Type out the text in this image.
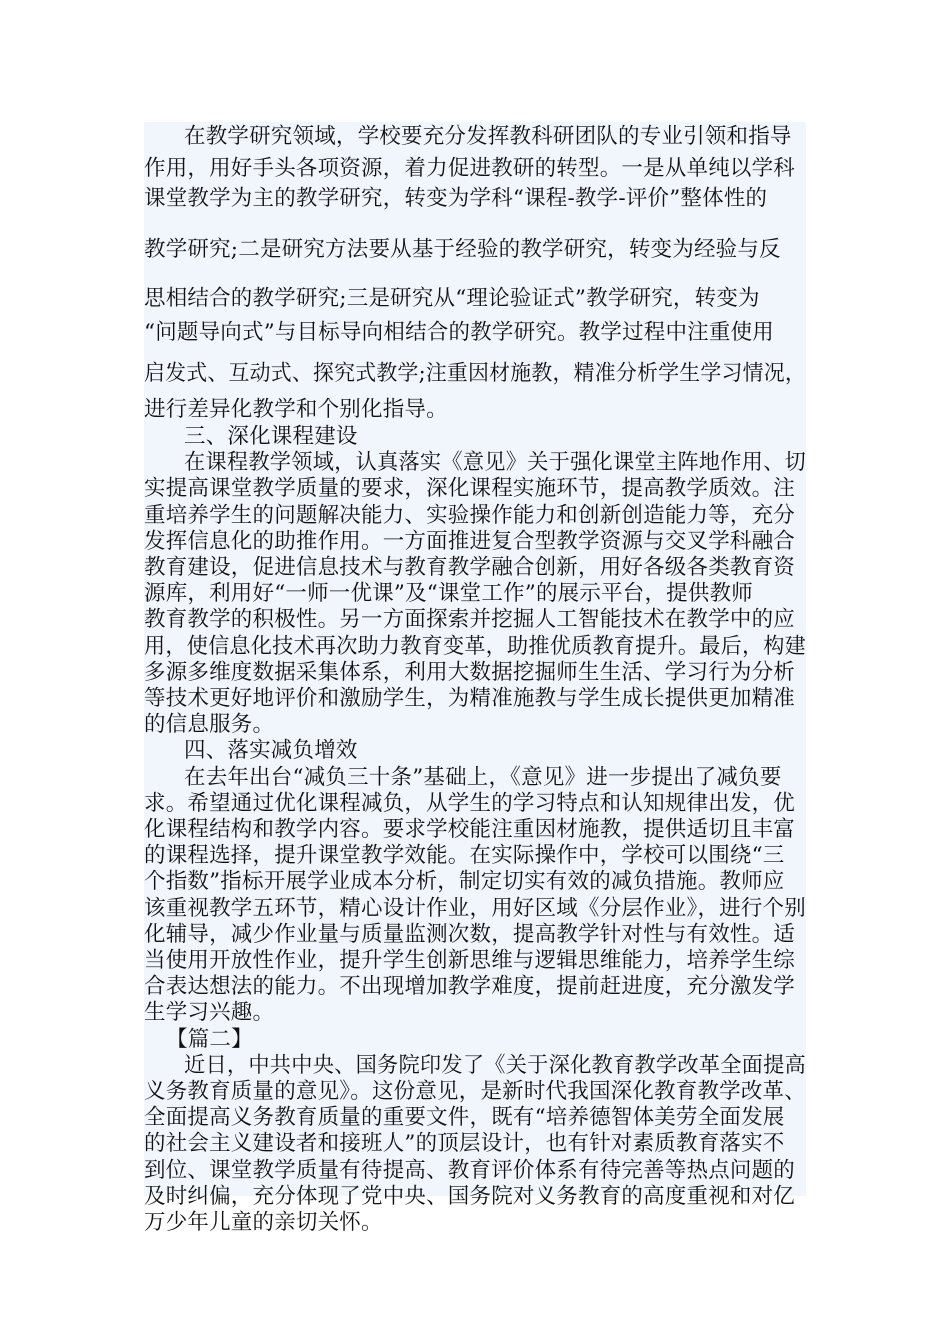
在教学研究领域，学校要充分发挥教科研团队的专业引领和指导
作用，用好手头各项资源，着力促进教研的转型。一是从单纯以学科
课堂教学为主的教学研究，转变为学科“课程-教学-评价”整体性的
教学研究;二是研究方法要从基于经验的教学研究，转变为经验与反
思相结合的教学研究;三是研究从“理论验证式”教学研究，转变为
“问题导向式”与目标导向相结合的教学研究。教学过程中注重使用
启发式、互动式、探究式教学;注重因材施教，精准分析学生学习情况，
进行差异化教学和个别化指导。
三、深化课程建设
在课程教学领域，认真落实《意见》关于强化课堂主阵地作用、切
实提高课堂教学质量的要求，深化课程实施环节，提高教学质效。注
重培养学生的问题解决能力、实验操作能力和创新创造能力等，充分
发挥信息化的助推作用。一方面推进复合型教学资源与交叉学科融合
教育建设，促进信息技术与教育教学融合创新，用好各级各类教育资
源库，利用好“一师一优课”及“课堂工作”的展示平台，提供教师
教育教学的积极性。另一方面探索并挖掘人工智能技术在教学中的应
用，使信息化技术再次助力教育变革，助推优质教育提升。最后，构建
多源多维度数据采集体系，利用大数据挖掘师生生活、学习行为分析
等技术更好地评价和激励学生，为精准施教与学生成长提供更加精准
的信息服务。
四、落实减负增效
在去年出台“减负三十条”基础上，《意见》进一步提出了减负要
求。希望通过优化课程减负，从学生的学习特点和认知规律出发，优
化课程结构和教学内容。要求学校能注重因材施教，提供适切且丰富
的课程选择，提升课堂教学效能。在实际操作中，学校可以围绕“三
个指数”指标开展学业成本分析，制定切实有效的减负措施。教师应
该重视教学五环节，精心设计作业，用好区域《分层作业》，进行个别
化辅导，减少作业量与质量监测次数，提高教学针对性与有效性。适
当使用开放性作业，提升学生创新思维与逻辑思维能力，培养学生综
合表达想法的能力。不出现增加教学难度，提前赶进度，充分激发学
生学习兴趣。
【篇二】
近日，中共中央、国务院印发了《关于深化教育教学改革全面提高
义务教育质量的意见》。这份意见，是新时代我国深化教育教学改革、
全面提高义务教育质量的重要文件，既有“培养德智体美劳全面发展
的社会主义建设者和接班人”的顶层设计，也有针对素质教育落实不
到位、课堂教学质量有待提高、教育评价体系有待完善等热点问题的
及时纠偏，充分体现了党中央、国务院对义务教育的高度重视和对亿
万少年儿童的亲切关怀。
